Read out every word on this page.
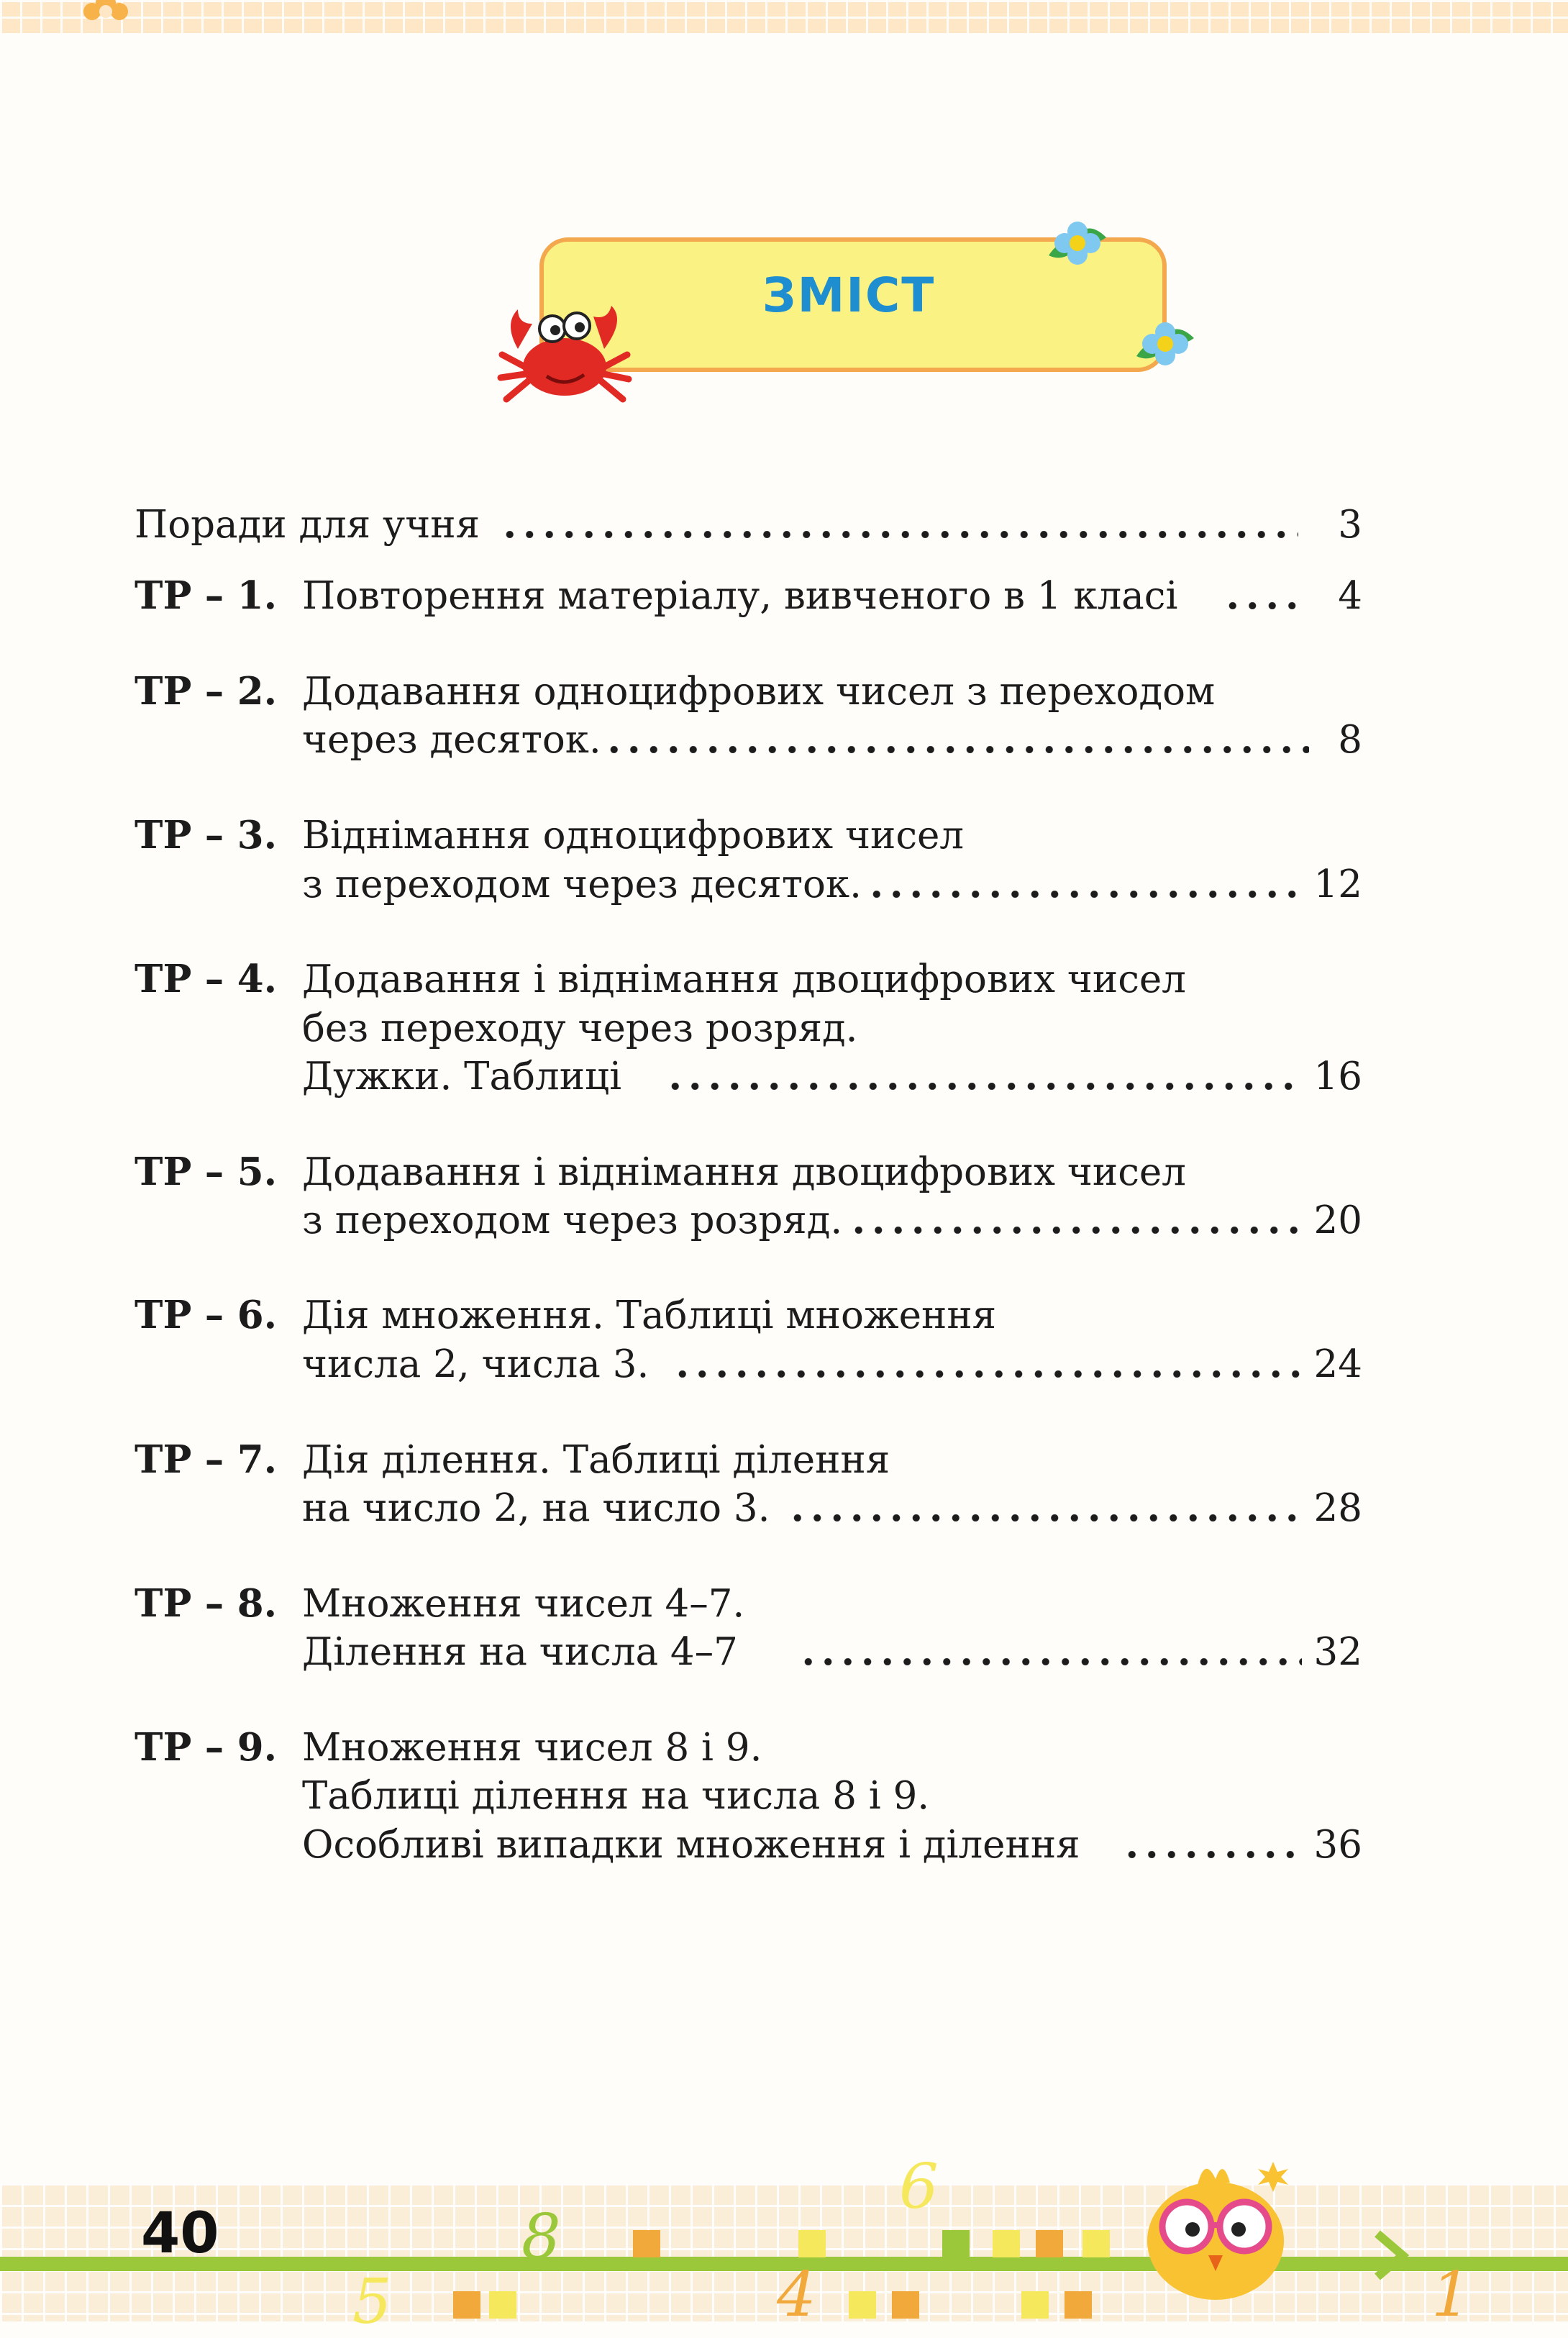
ЗМІСТ
Поради для учня	3
ТР – 1. Повторення матеріалу, вивченого в 1 класі	4
ТР – 2. Додавання одноцифрових чисел з переходом
через десяток.	8
ТР – 3. Віднімання одноцифрових чисел
з переходом через десяток.	12
ТР – 4. Додавання і віднімання двоцифрових чисел
без переходу через розряд.
Дужки. Таблиці	16
ТР – 5. Додавання і віднімання двоцифрових чисел
з переходом через розряд.	20
ТР – 6. Дія множення. Таблиці множення
числа 2, числа 3.	24
ТР – 7. Дія ділення. Таблиці ділення
на число 2, на число 3.	28
ТР – 8. Множення чисел 4–7.
Ділення на числа 4–7	32
ТР – 9. Множення чисел 8 і 9.
Таблиці ділення на числа 8 і 9.
Особливі випадки множення і ділення	36
40	8
6
4
5	1
